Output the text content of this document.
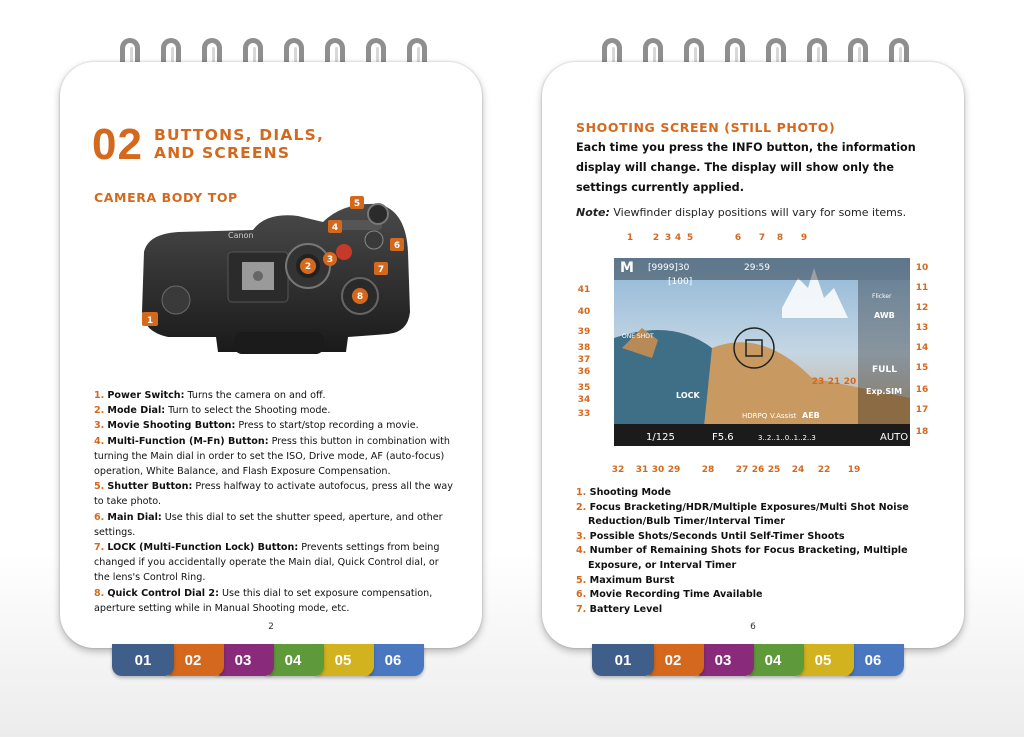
02 BUTTONS, DIALS,
AND SCREENS
CAMERA BODY TOP
Canon
1
2
3
4
5
6
7
8
1. Power Switch: Turns the camera on and off.
2. Mode Dial: Turn to select the Shooting mode.
3. Movie Shooting Button: Press to start/stop recording a movie.
4. Multi-Function (M-Fn) Button: Press this button in combination with turning the Main dial in order to set the ISO, Drive mode, AF (auto-focus) operation, White Balance, and Flash Exposure Compensation.
5. Shutter Button: Press halfway to activate autofocus, press all the way to take photo.
6. Main Dial: Use this dial to set the shutter speed, aperture, and other settings.
7. LOCK (Multi-Function Lock) Button: Prevents settings from being changed if you accidentally operate the Main dial, Quick Control dial, or the lens's Control Ring.
8. Quick Control Dial 2: Use this dial to set exposure compensation, aperture setting while in Manual Shooting mode, etc.
2
SHOOTING SCREEN (STILL PHOTO)
Each time you press the INFO button, the information display will change. The display will show only the settings currently applied.
Note: Viewfinder display positions will vary for some items.
M [9999]30
[100]
29:59
ONE SHOT
Flicker
AWB
FULL
Exp.SIM
LOCK
HDRPQ V.Assist AEB
1/125	F5.6	3..2..1..0..1..2..3	AUTO
1 2 3 4 5	6 7 8 9
10
11
12
13
14
15
16
17
18
41
40
39
38
37
36
35
34
33
32 31 30 29 28 27 26 25 24 22 19
23 21 20
1. Shooting Mode
2. Focus Bracketing/HDR/Multiple Exposures/Multi Shot Noise
Reduction/Bulb Timer/Interval Timer
3. Possible Shots/Seconds Until Self-Timer Shoots
4. Number of Remaining Shots for Focus Bracketing, Multiple
Exposure, or Interval Timer
5. Maximum Burst
6. Movie Recording Time Available
7. Battery Level
6
01	02	03	04	05	06	01	02	03	04	05	06
